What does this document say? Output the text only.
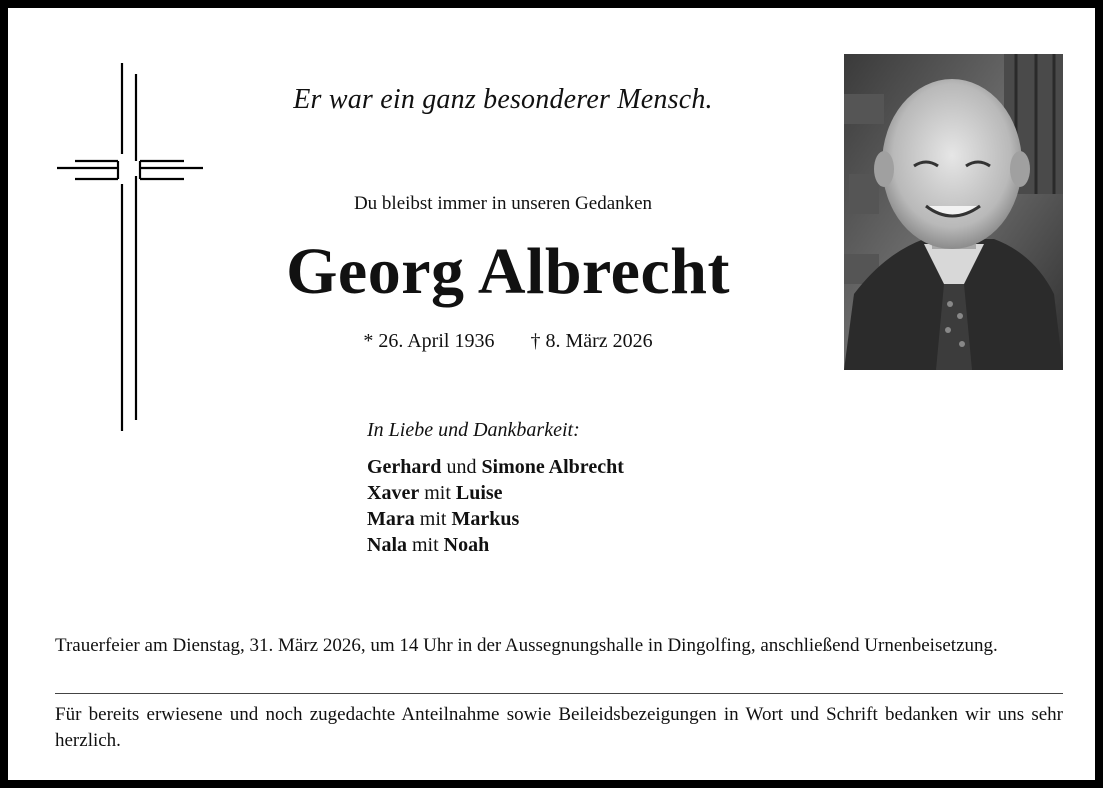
Er war ein ganz besonderer Mensch.
Du bleibst immer in unseren Gedanken
Georg Albrecht
* 26. April 1936 † 8. März 2026
In Liebe und Dankbarkeit:
Gerhard und Simone Albrecht
Xaver mit Luise
Mara mit Markus
Nala mit Noah
Trauerfeier am Dienstag, 31. März 2026, um 14 Uhr in der Aussegnungshalle in Dingolfing, anschließend Urnenbeisetzung.
Für bereits erwiesene und noch zugedachte Anteilnahme sowie Beileidsbezeigungen in Wort und Schrift bedanken wir uns sehr herzlich.
